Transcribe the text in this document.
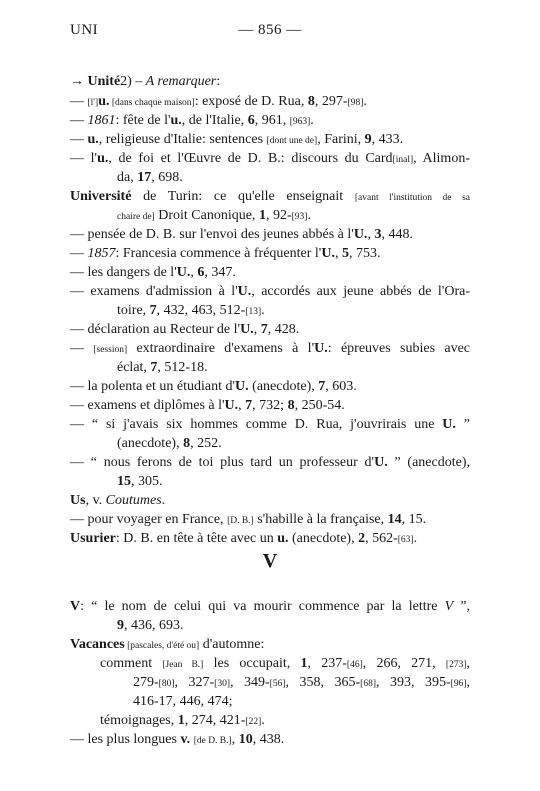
UNI	— 856 —
→ Unité2) – A remarquer:
— [l']u. [dans chaque maison]: exposé de D. Rua, 8, 297-[98].
— 1861: fête de l'u., de l'Italie, 6, 961, [963].
— u., religieuse d'Italie: sentences [dont une de], Farini, 9, 433.
— l'u., de foi et l'Œuvre de D. B.: discours du Card[inal], Alimon-
da, 17, 698.
Université de Turin: ce qu'elle enseignait [avant l'institution de sa
chaire de] Droit Canonique, 1, 92-[93].
— pensée de D. B. sur l'envoi des jeunes abbés à l'U., 3, 448.
— 1857: Francesia commence à fréquenter l'U., 5, 753.
— les dangers de l'U., 6, 347.
— examens d'admission à l'U., accordés aux jeune abbés de l'Ora-
toire, 7, 432, 463, 512-[13].
— déclaration au Recteur de l'U., 7, 428.
— [session] extraordinaire d'examens à l'U.: épreuves subies avec
éclat, 7, 512-18.
— la polenta et un étudiant d'U. (anecdote), 7, 603.
— examens et diplômes à l'U., 7, 732; 8, 250-54.
— “ si j'avais six hommes comme D. Rua, j'ouvrirais une U. ”
(anecdote), 8, 252.
— “ nous ferons de toi plus tard un professeur d'U. ” (anecdote),
15, 305.
Us, v. Coutumes.
— pour voyager en France, [D. B.] s'habille à la française, 14, 15.
Usurier: D. B. en tête à tête avec un u. (anecdote), 2, 562-[63].
V: “ le nom de celui qui va mourir commence par la lettre V ”,
9, 436, 693.
Vacances [pascales, d'été ou] d'automne:
comment [Jean B.] les occupait, 1, 237-[46], 266, 271, [273],
279-[80], 327-[30], 349-[56], 358, 365-[68], 393, 395-[96],
416-17, 446, 474;
témoignages, 1, 274, 421-[22].
— les plus longues v. [de D. B.], 10, 438.
V
